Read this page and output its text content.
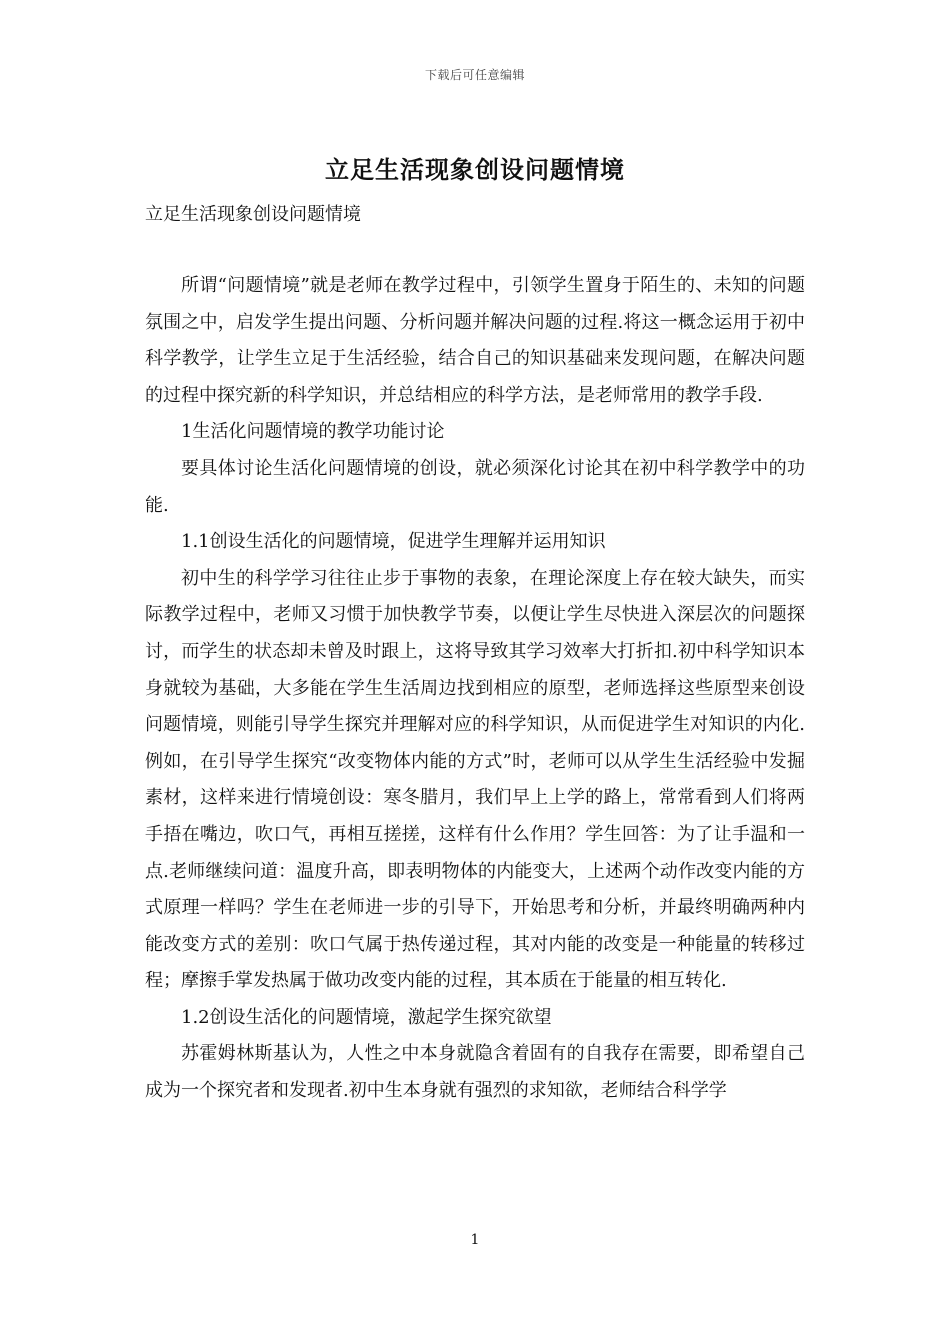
下载后可任意编辑
立足生活现象创设问题情境
立足生活现象创设问题情境

所谓“问题情境”就是老师在教学过程中，引领学生置身于陌生的、未知的问题氛围之中，启发学生提出问题、分析问题并解决问题的过程.将这一概念运用于初中科学教学，让学生立足于生活经验，结合自己的知识基础来发现问题，在解决问题的过程中探究新的科学知识，并总结相应的科学方法，是老师常用的教学手段.

1生活化问题情境的教学功能讨论

要具体讨论生活化问题情境的创设，就必须深化讨论其在初中科学教学中的功能.

1.1创设生活化的问题情境，促进学生理解并运用知识

初中生的科学学习往往止步于事物的表象，在理论深度上存在较大缺失，而实际教学过程中，老师又习惯于加快教学节奏，以便让学生尽快进入深层次的问题探讨，而学生的状态却未曾及时跟上，这将导致其学习效率大打折扣.初中科学知识本身就较为基础，大多能在学生生活周边找到相应的原型，老师选择这些原型来创设问题情境，则能引导学生探究并理解对应的科学知识，从而促进学生对知识的内化.例如，在引导学生探究“改变物体内能的方式”时，老师可以从学生生活经验中发掘素材，这样来进行情境创设：寒冬腊月，我们早上上学的路上，常常看到人们将两手捂在嘴边，吹口气，再相互搓搓，这样有什么作用？学生回答：为了让手温和一点.老师继续问道：温度升高，即表明物体的内能变大，上述两个动作改变内能的方式原理一样吗？学生在老师进一步的引导下，开始思考和分析，并最终明确两种内能改变方式的差别：吹口气属于热传递过程，其对内能的改变是一种能量的转移过程；摩擦手掌发热属于做功改变内能的过程，其本质在于能量的相互转化.

1.2创设生活化的问题情境，激起学生探究欲望

苏霍姆林斯基认为，人性之中本身就隐含着固有的自我存在需要，即希望自己成为一个探究者和发现者.初中生本身就有强烈的求知欲，老师结合科学学

1
